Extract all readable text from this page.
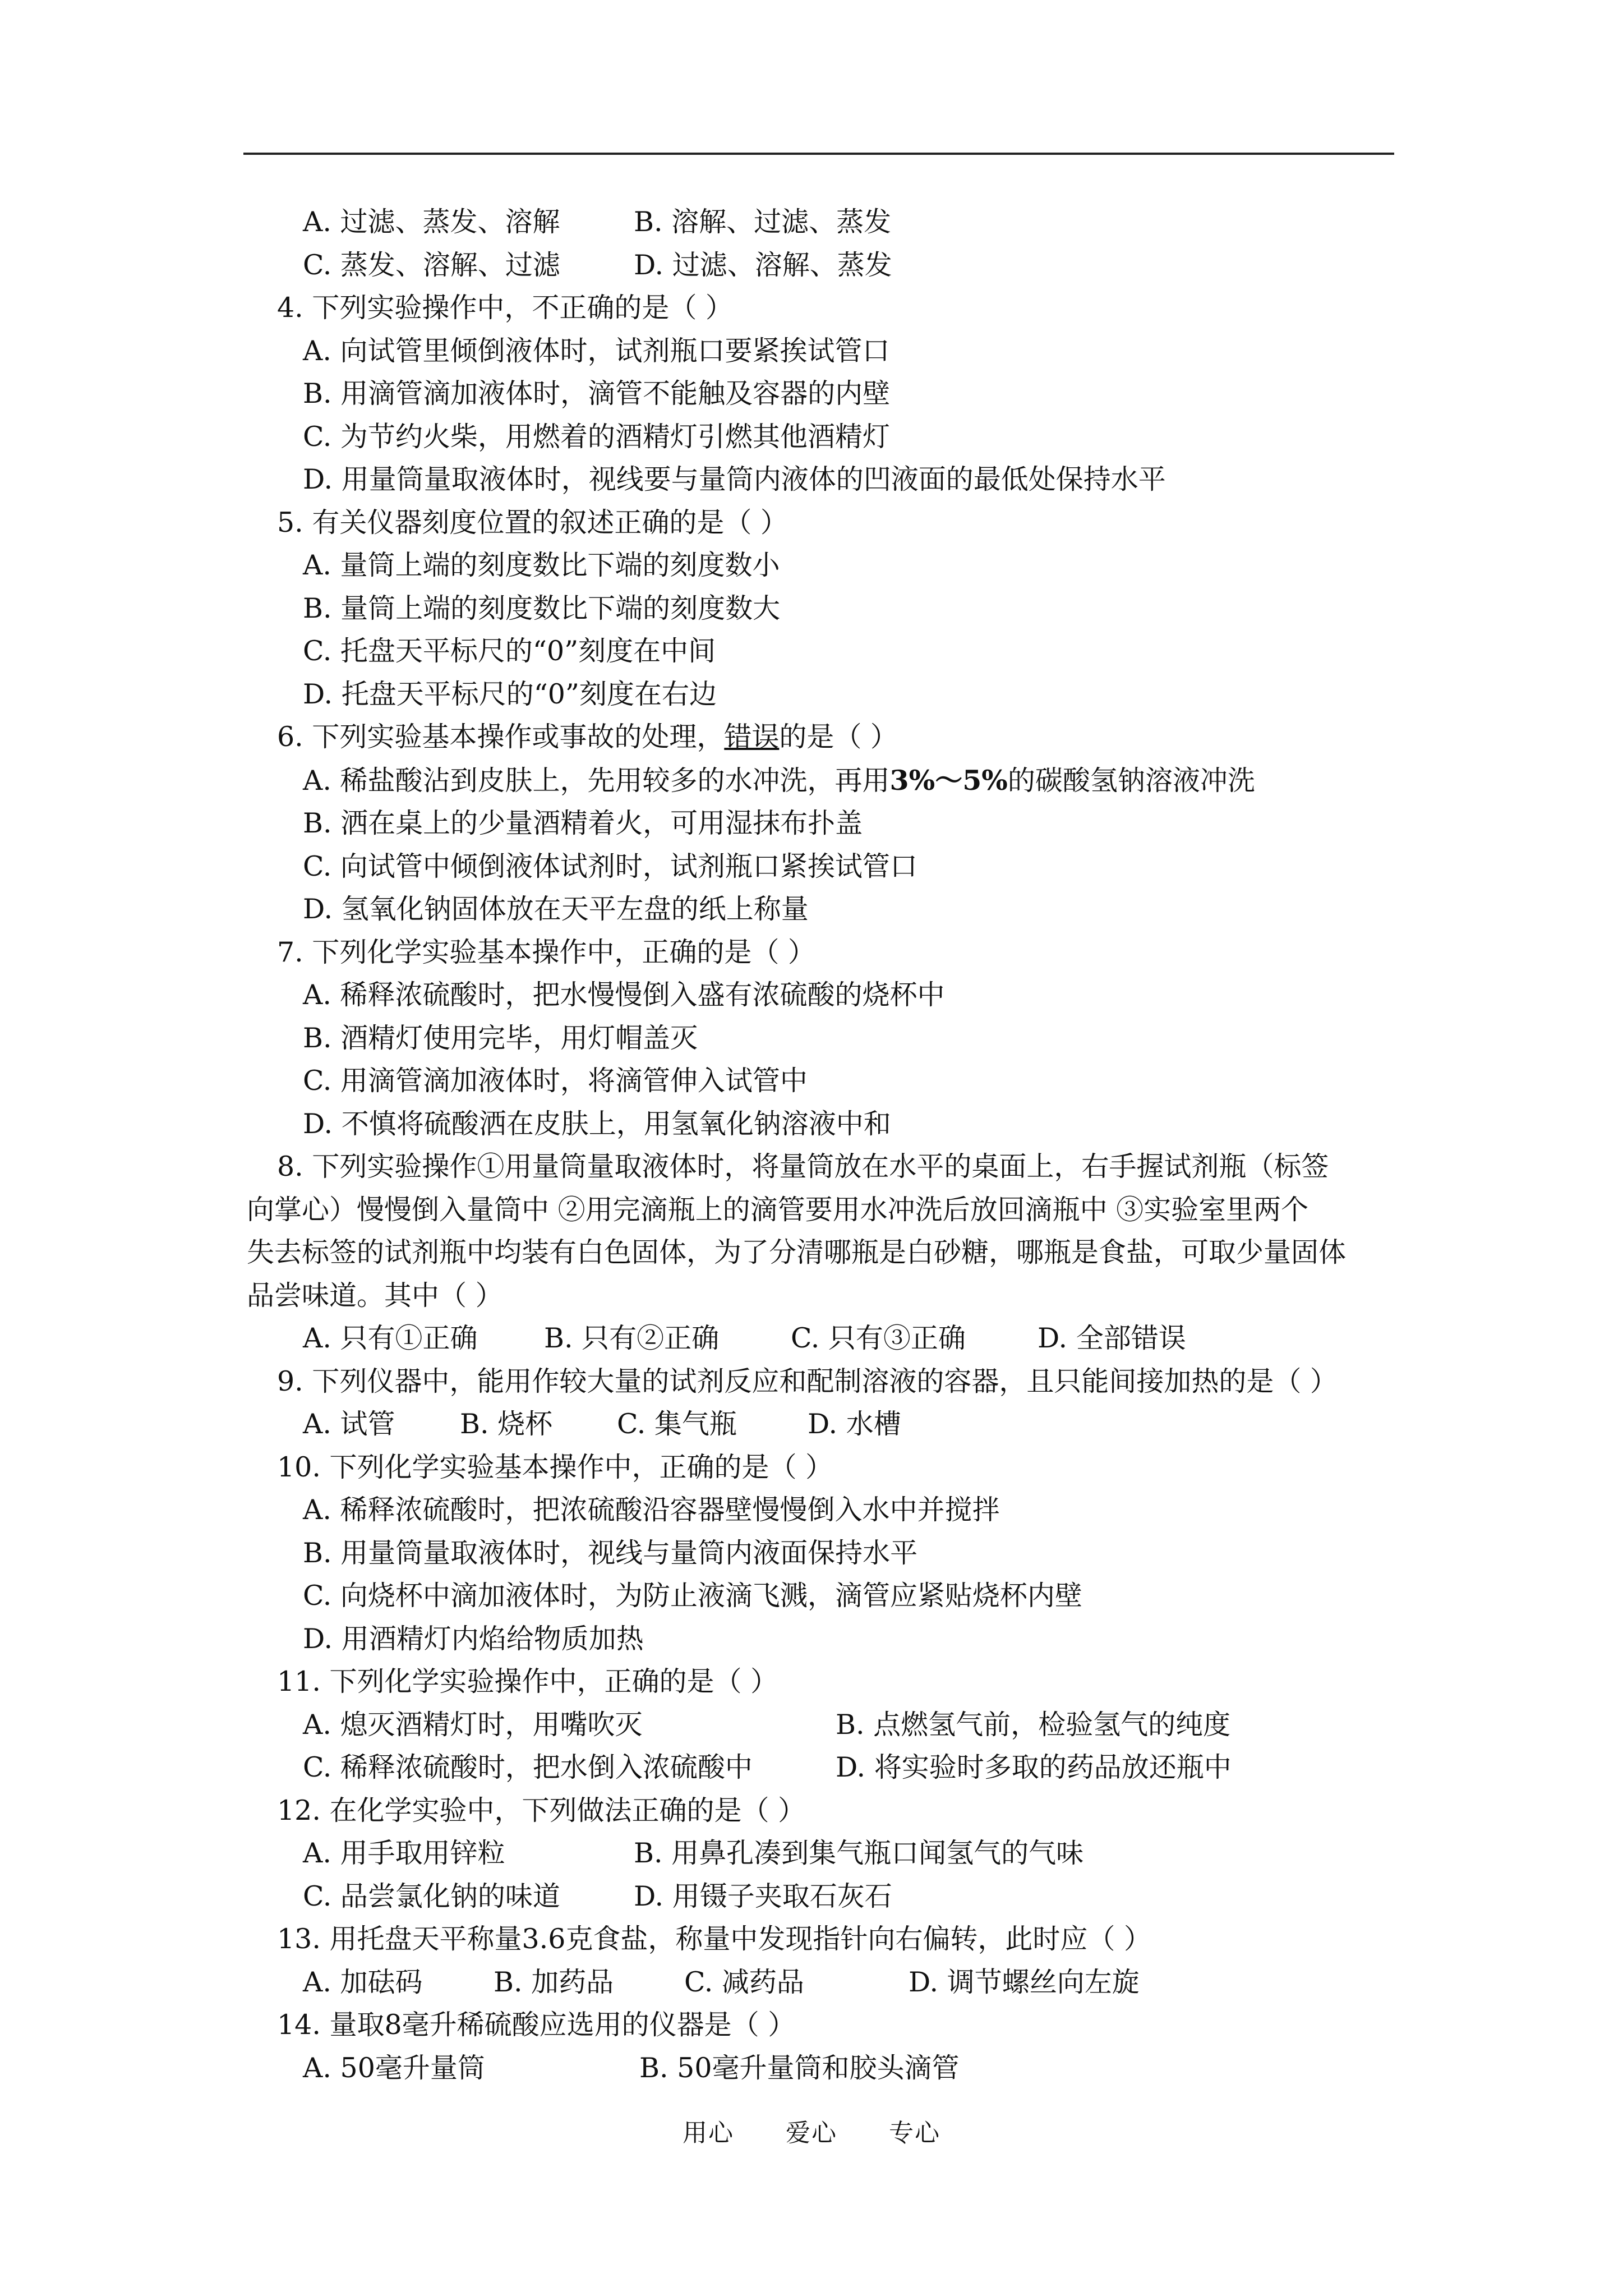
A. 过滤、蒸发、溶解	B. 溶解、过滤、蒸发
C. 蒸发、溶解、过滤	D. 过滤、溶解、蒸发
4. 下列实验操作中，不正确的是（ ）
A. 向试管里倾倒液体时，试剂瓶口要紧挨试管口
B. 用滴管滴加液体时，滴管不能触及容器的内壁
C. 为节约火柴，用燃着的酒精灯引燃其他酒精灯
D. 用量筒量取液体时，视线要与量筒内液体的凹液面的最低处保持水平
5. 有关仪器刻度位置的叙述正确的是（ ）
A. 量筒上端的刻度数比下端的刻度数小
B. 量筒上端的刻度数比下端的刻度数大
C. 托盘天平标尺的“0”刻度在中间
D. 托盘天平标尺的“0”刻度在右边
6. 下列实验基本操作或事故的处理，错误的是（ ）
A. 稀盐酸沾到皮肤上，先用较多的水冲洗，再用3%～5%的碳酸氢钠溶液冲洗
B. 洒在桌上的少量酒精着火，可用湿抹布扑盖
C. 向试管中倾倒液体试剂时，试剂瓶口紧挨试管口
D. 氢氧化钠固体放在天平左盘的纸上称量
7. 下列化学实验基本操作中，正确的是（ ）
A. 稀释浓硫酸时，把水慢慢倒入盛有浓硫酸的烧杯中
B. 酒精灯使用完毕，用灯帽盖灭
C. 用滴管滴加液体时，将滴管伸入试管中
D. 不慎将硫酸洒在皮肤上，用氢氧化钠溶液中和
8. 下列实验操作①用量筒量取液体时，将量筒放在水平的桌面上，右手握试剂瓶（标签
向掌心）慢慢倒入量筒中 ②用完滴瓶上的滴管要用水冲洗后放回滴瓶中 ③实验室里两个
失去标签的试剂瓶中均装有白色固体，为了分清哪瓶是白砂糖，哪瓶是食盐，可取少量固体
品尝味道。其中（ ）
A. 只有①正确	B. 只有②正确	C. 只有③正确	D. 全部错误
9. 下列仪器中，能用作较大量的试剂反应和配制溶液的容器，且只能间接加热的是（ ）
A. 试管	B. 烧杯	C. 集气瓶	D. 水槽
10. 下列化学实验基本操作中，正确的是（ ）
A. 稀释浓硫酸时，把浓硫酸沿容器壁慢慢倒入水中并搅拌
B. 用量筒量取液体时，视线与量筒内液面保持水平
C. 向烧杯中滴加液体时，为防止液滴飞溅，滴管应紧贴烧杯内壁
D. 用酒精灯内焰给物质加热
11. 下列化学实验操作中，正确的是（ ）
A. 熄灭酒精灯时，用嘴吹灭	B. 点燃氢气前，检验氢气的纯度
C. 稀释浓硫酸时，把水倒入浓硫酸中	D. 将实验时多取的药品放还瓶中
12. 在化学实验中，下列做法正确的是（ ）
A. 用手取用锌粒	B. 用鼻孔凑到集气瓶口闻氢气的气味
C. 品尝氯化钠的味道	D. 用镊子夹取石灰石
13. 用托盘天平称量3.6克食盐，称量中发现指针向右偏转，此时应（ ）
A. 加砝码	B. 加药品	C. 减药品	D. 调节螺丝向左旋
14. 量取8毫升稀硫酸应选用的仪器是（ ）
A. 50毫升量筒	B. 50毫升量筒和胶头滴管
用心 爱心 专心
